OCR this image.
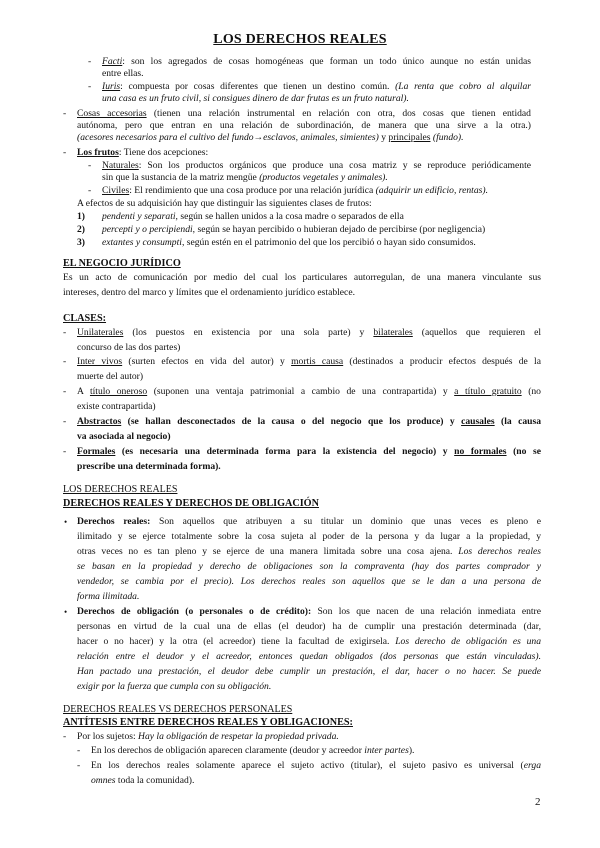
LOS DERECHOS REALES
- Facti: son los agregados de cosas homogéneas que forman un todo único aunque no están unidas
entre ellas.
- Iuris: compuesta por cosas diferentes que tienen un destino común. (La renta que cobro al alquilar
una casa es un fruto civil, si consigues dinero de dar frutas es un fruto natural).
- Cosas accesorias (tienen una relación instrumental en relación con otra, dos cosas que tienen entidad
autónoma, pero que entran en una relación de subordinación, de manera que una sirve a la otra.)
(acesores necesarios para el cultivo del fundo→esclavos, animales, simientes) y principales (fundo).
- Los frutos: Tiene dos acepciones:
- Naturales: Son los productos orgánicos que produce una cosa matriz y se reproduce periódicamente
sin que la sustancia de la matriz mengüe (productos vegetales y animales).
- Civiles: El rendimiento que una cosa produce por una relación jurídica (adquirir un edificio, rentas).
A efectos de su adquisición hay que distinguir las siguientes clases de frutos:
1) pendenti y separati, según se hallen unidos a la cosa madre o separados de ella
2) percepti y o percipiendi, según se hayan percibido o hubieran dejado de percibirse (por negligencia)
3) extantes y consumpti, según estén en el patrimonio del que los percibió o hayan sido consumidos.
EL NEGOCIO JURÍDICO
Es un acto de comunicación por medio del cual los particulares autorregulan, de una manera vinculante sus
intereses, dentro del marco y límites que el ordenamiento jurídico establece.
CLASES:
- Unilaterales (los puestos en existencia por una sola parte) y bilaterales (aquellos que requieren el
concurso de las dos partes)
- Inter vivos (surten efectos en vida del autor) y mortis causa (destinados a producir efectos después de la
muerte del autor)
- A título oneroso (suponen una ventaja patrimonial a cambio de una contrapartida) y a título gratuito (no
existe contrapartida)
- Abstractos (se hallan desconectados de la causa o del negocio que los produce) y causales (la causa
va asociada al negocio)
- Formales (es necesaria una determinada forma para la existencia del negocio) y no formales (no se
prescribe una determinada forma).
LOS DERECHOS REALES
DERECHOS REALES Y DERECHOS DE OBLIGACIÓN
• Derechos reales: Son aquellos que atribuyen a su titular un dominio que unas veces es pleno e
ilimitado y se ejerce totalmente sobre la cosa sujeta al poder de la persona y da lugar a la propiedad, y
otras veces no es tan pleno y se ejerce de una manera limitada sobre una cosa ajena. Los derechos reales
se basan en la propiedad y derecho de obligaciones son la compraventa (hay dos partes comprador y
vendedor, se cambia por el precio). Los derechos reales son aquellos que se le dan a una persona de
forma ilimitada.
• Derechos de obligación (o personales o de crédito): Son los que nacen de una relación inmediata entre
personas en virtud de la cual una de ellas (el deudor) ha de cumplir una prestación determinada (dar,
hacer o no hacer) y la otra (el acreedor) tiene la facultad de exigirsela. Los derecho de obligación es una
relación entre el deudor y el acreedor, entonces quedan obligados (dos personas que están vinculadas).
Han pactado una prestación, el deudor debe cumplir un prestación, el dar, hacer o no hacer. Se puede
exigir por la fuerza que cumpla con su obligación.
DERECHOS REALES VS DERECHOS PERSONALES
ANTÍTESIS ENTRE DERECHOS REALES Y OBLIGACIONES:
- Por los sujetos: Hay la obligación de respetar la propiedad privada.
- En los derechos de obligación aparecen claramente (deudor y acreedor inter partes).
- En los derechos reales solamente aparece el sujeto activo (titular), el sujeto pasivo es universal (erga
omnes toda la comunidad).
2
